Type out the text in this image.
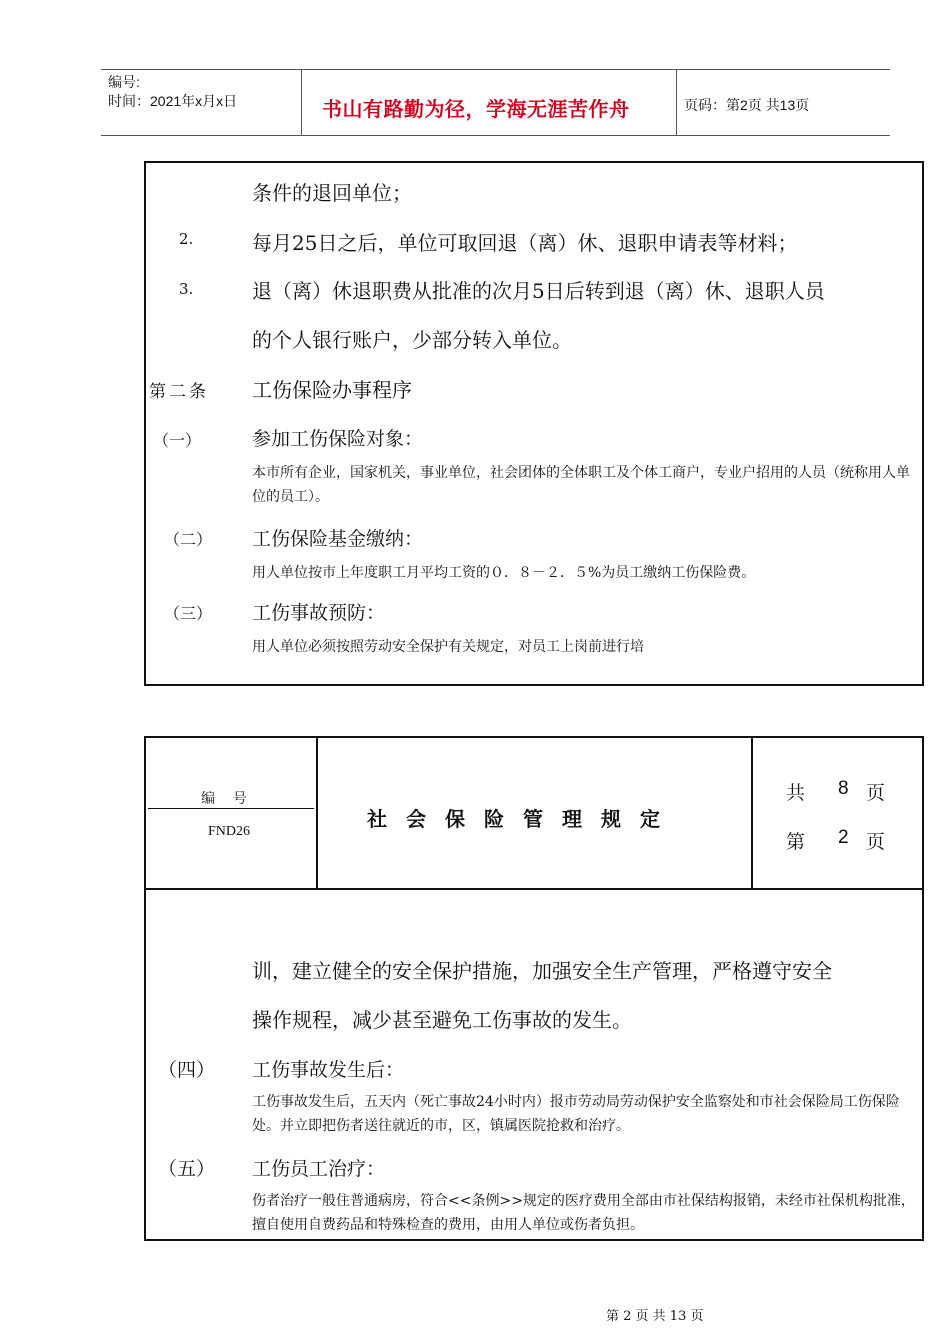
编号:
时间：2021年x月x日	书山有路勤为径，学海无涯苦作舟	页码：第2页 共13页
条件的退回单位；
2.	每月25日之后，单位可取回退（离）休、退职申请表等材料；
3.	退（离）休退职费从批准的次月5日后转到退（离）休、退职人员
的个人银行账户，少部分转入单位。
第二条 工伤保险办事程序
（一）	参加工伤保险对象：
本市所有企业，国家机关，事业单位，社会团体的全体职工及个体工商户，专业户招用的人员（统称用人单位的员工）。
（二） 工伤保险基金缴纳：
用人单位按市上年度职工月平均工资的０．８－２．５%为员工缴纳工伤保险费。
（三） 工伤事故预防：
用人单位必须按照劳动安全保护有关规定，对员工上岗前进行培
编    号
FND26
社会保险管理规定
共 8 页
第 2 页
训，建立健全的安全保护措施，加强安全生产管理，严格遵守安全
操作规程，减少甚至避免工伤事故的发生。
（四） 工伤事故发生后：
工伤事故发生后，五天内（死亡事故24小时内）报市劳动局劳动保护安全监察处和市社会保险局工伤保险处。并立即把伤者送往就近的市，区，镇属医院抢救和治疗。
（五） 工伤员工治疗：
伤者治疗一般住普通病房，符合<<条例>>规定的医疗费用全部由市社保结构报销，未经市社保机构批准，擅自使用自费药品和特殊检查的费用，由用人单位或伤者负担。
第 2 页 共 13 页
